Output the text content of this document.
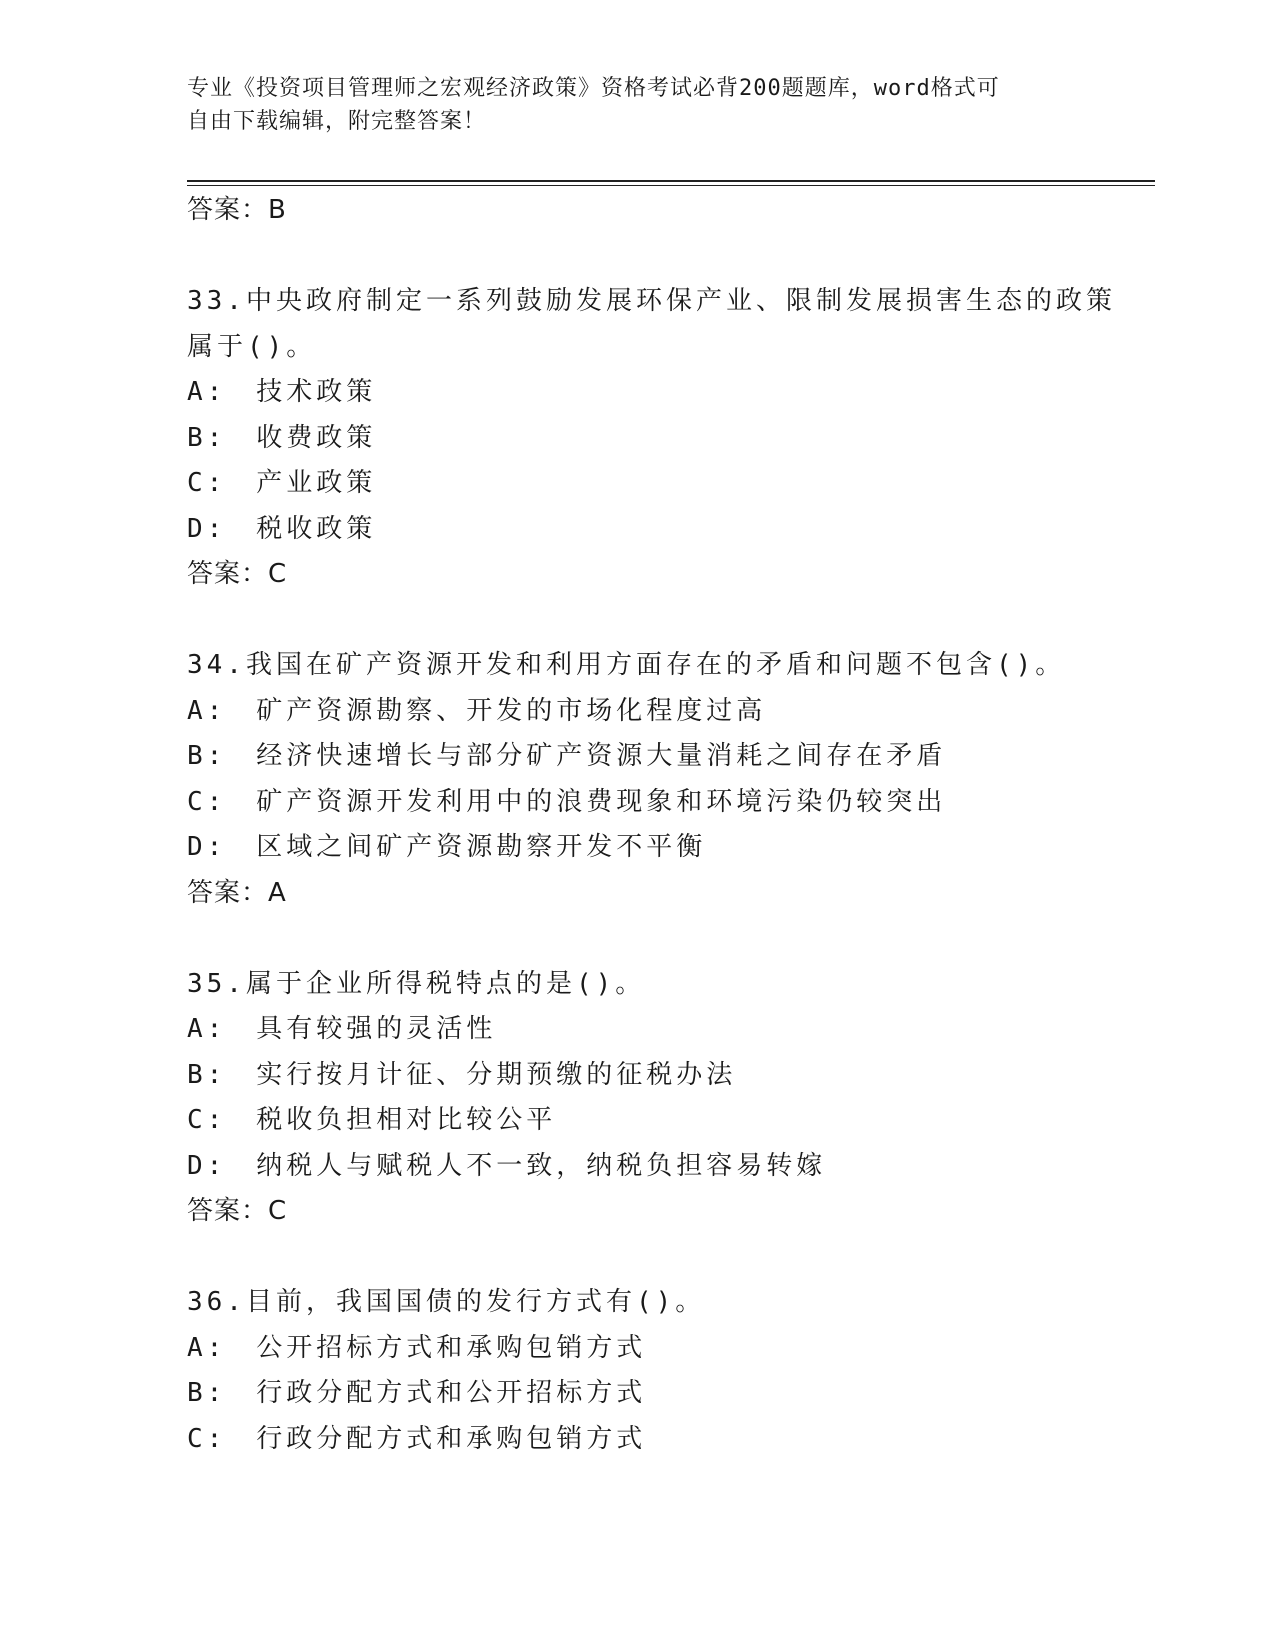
专业《投资项目管理师之宏观经济政策》资格考试必背200题题库，word格式可
自由下载编辑，附完整答案！
答案：B
33.中央政府制定一系列鼓励发展环保产业、限制发展损害生态的政策
属于()。
A:　技术政策
B:　收费政策
C:　产业政策
D:　税收政策
答案：C
34.我国在矿产资源开发和利用方面存在的矛盾和问题不包含()。
A:　矿产资源勘察、开发的市场化程度过高
B:　经济快速增长与部分矿产资源大量消耗之间存在矛盾
C:　矿产资源开发利用中的浪费现象和环境污染仍较突出
D:　区域之间矿产资源勘察开发不平衡
答案：A
35.属于企业所得税特点的是()。
A:　具有较强的灵活性
B:　实行按月计征、分期预缴的征税办法
C:　税收负担相对比较公平
D:　纳税人与赋税人不一致，纳税负担容易转嫁
答案：C
36.目前，我国国债的发行方式有()。
A:　公开招标方式和承购包销方式
B:　行政分配方式和公开招标方式
C:　行政分配方式和承购包销方式
